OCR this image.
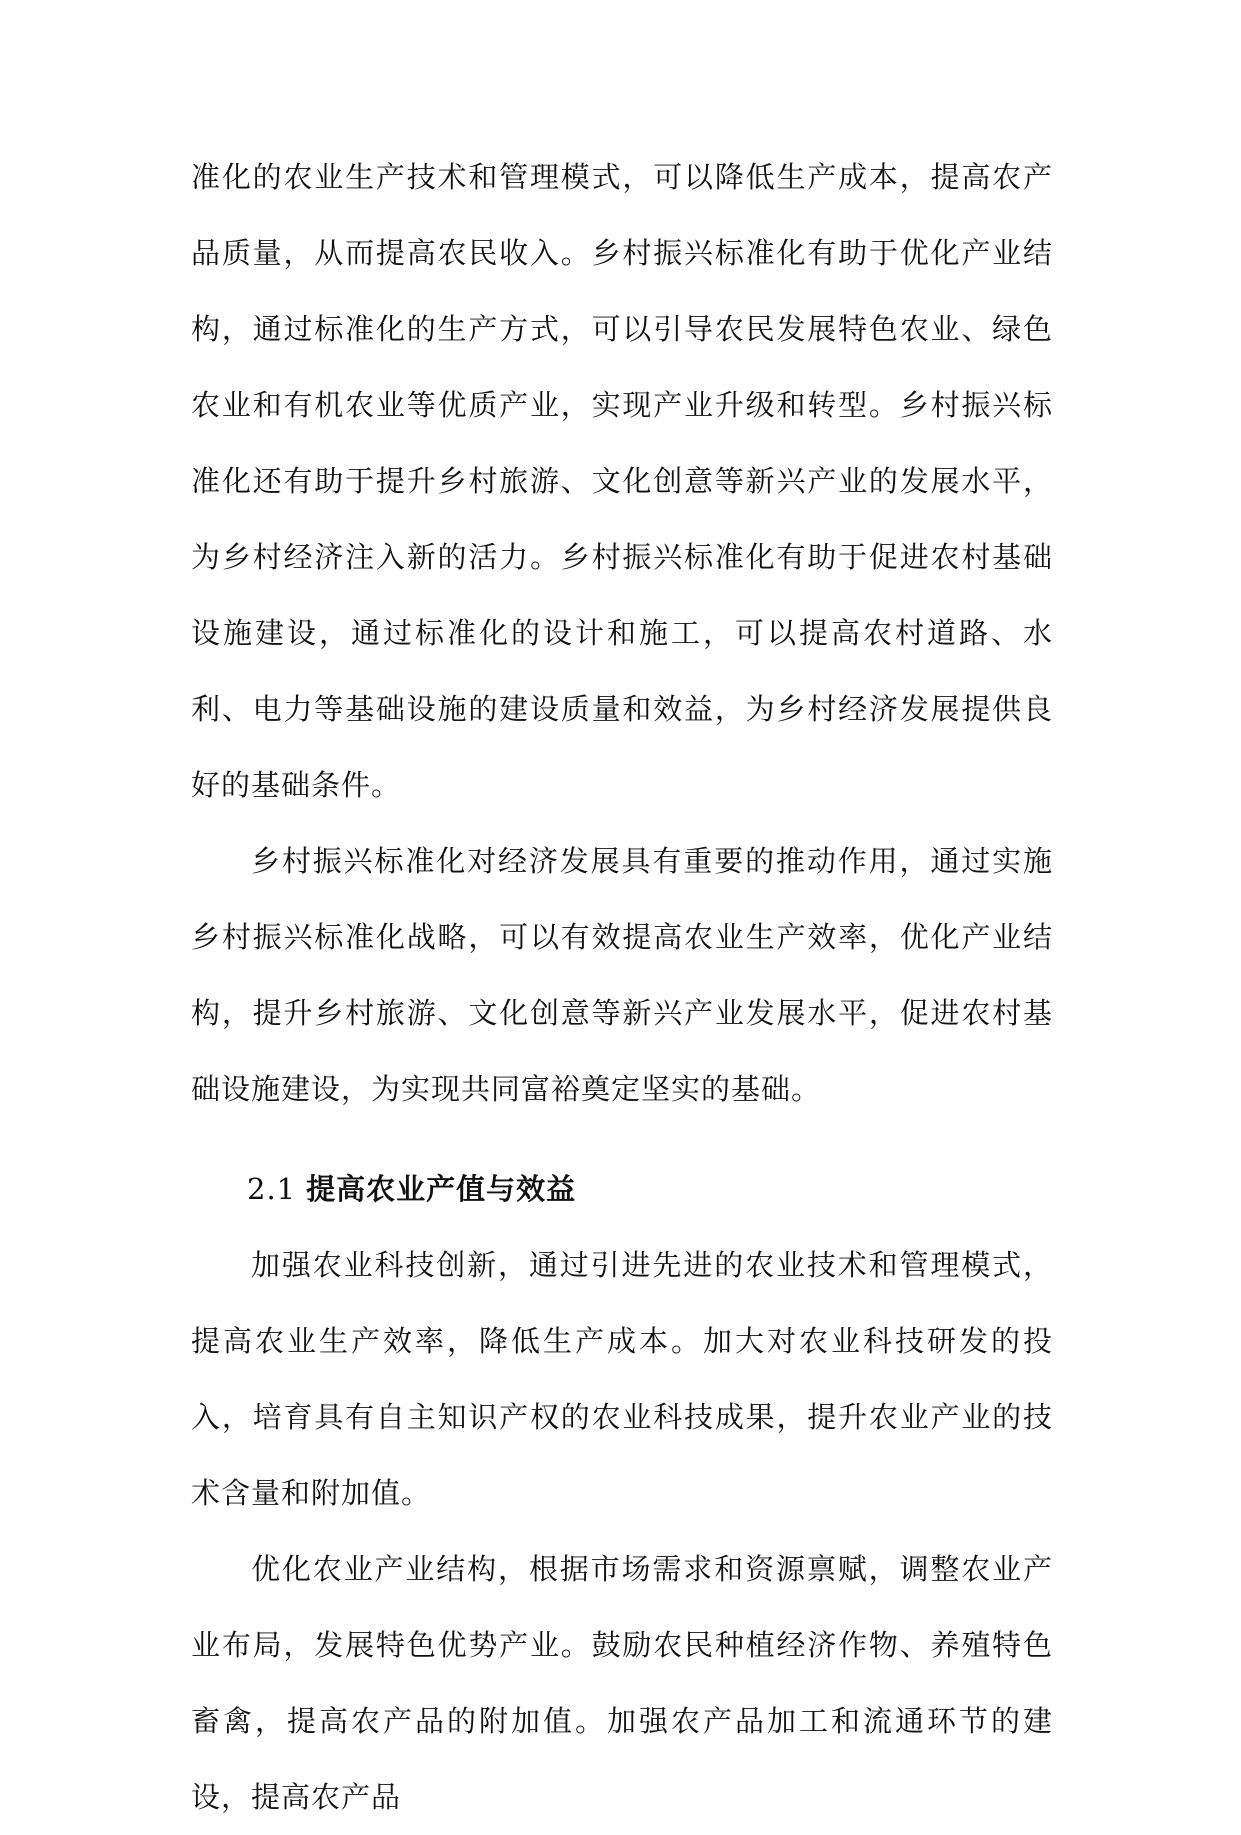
准化的农业生产技术和管理模式，可以降低生产成本，提高农产品质量，从而提高农民收入。乡村振兴标准化有助于优化产业结构，通过标准化的生产方式，可以引导农民发展特色农业、绿色农业和有机农业等优质产业，实现产业升级和转型。乡村振兴标准化还有助于提升乡村旅游、文化创意等新兴产业的发展水平，为乡村经济注入新的活力。乡村振兴标准化有助于促进农村基础设施建设，通过标准化的设计和施工，可以提高农村道路、水利、电力等基础设施的建设质量和效益，为乡村经济发展提供良好的基础条件。

乡村振兴标准化对经济发展具有重要的推动作用，通过实施乡村振兴标准化战略，可以有效提高农业生产效率，优化产业结构，提升乡村旅游、文化创意等新兴产业发展水平，促进农村基础设施建设，为实现共同富裕奠定坚实的基础。

2.1 提高农业产值与效益

加强农业科技创新，通过引进先进的农业技术和管理模式，提高农业生产效率，降低生产成本。加大对农业科技研发的投入，培育具有自主知识产权的农业科技成果，提升农业产业的技术含量和附加值。

优化农业产业结构，根据市场需求和资源禀赋，调整农业产业布局，发展特色优势产业。鼓励农民种植经济作物、养殖特色畜禽，提高农产品的附加值。加强农产品加工和流通环节的建设，提高农产品
